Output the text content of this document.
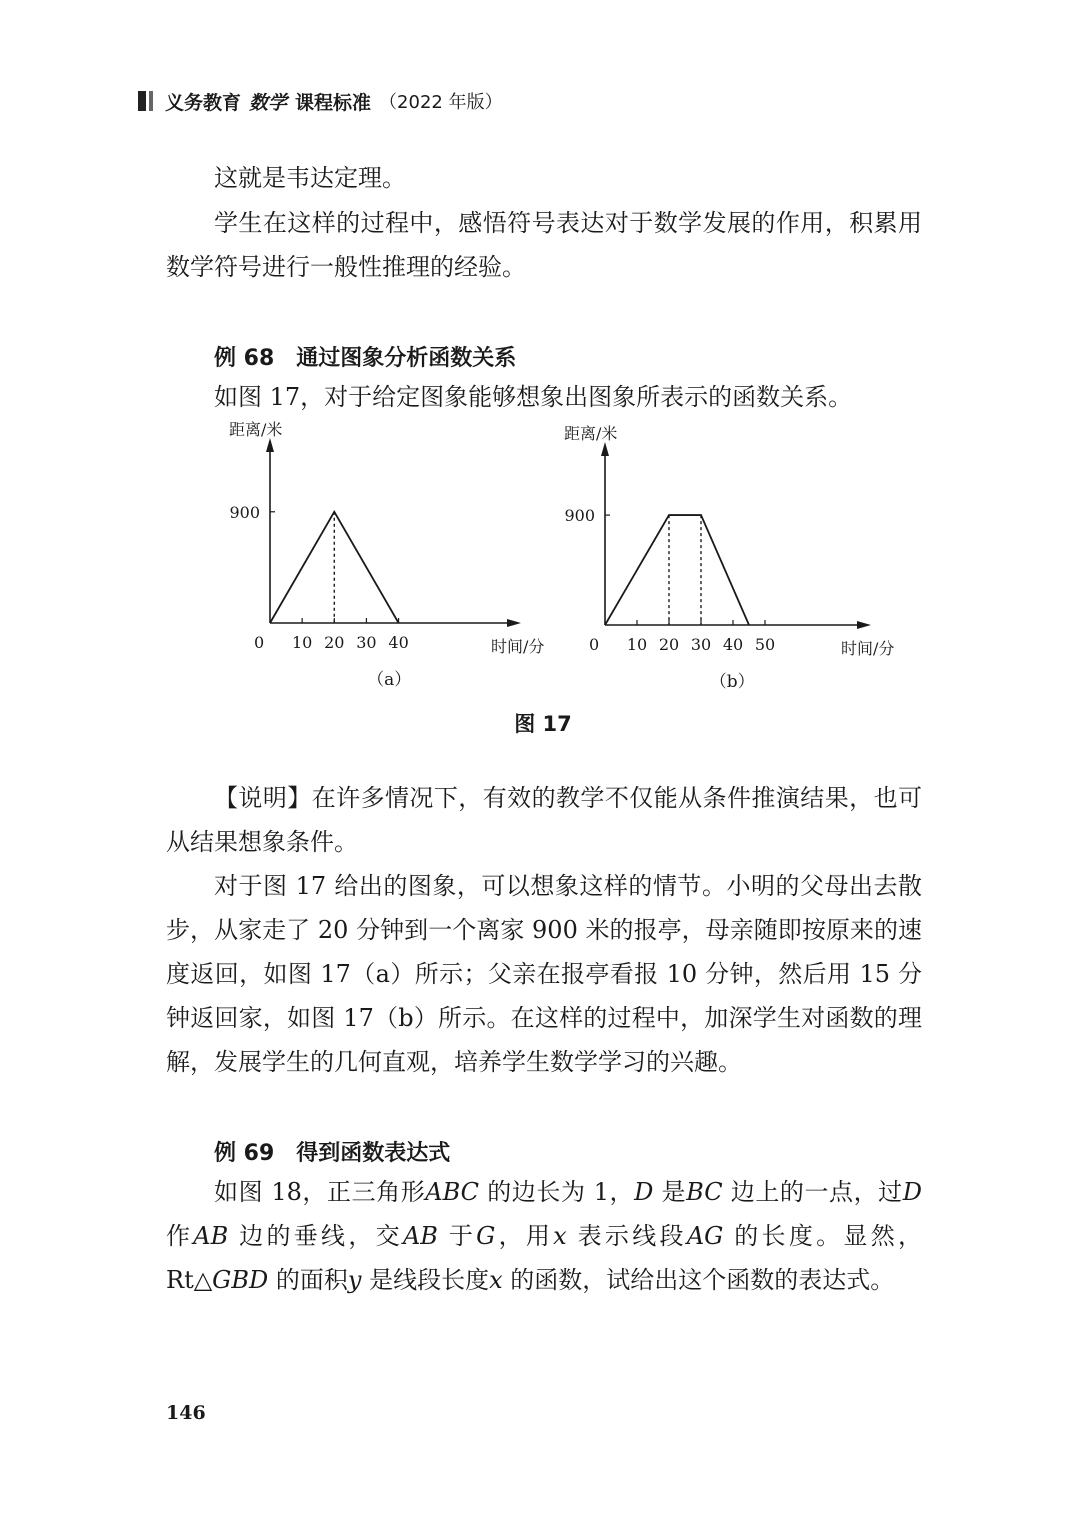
义务教育 数学 课程标准 （2022 年版）

这就是韦达定理。

学生在这样的过程中，感悟符号表达对于数学发展的作用，积累用数学符号进行一般性推理的经验。

例 68 通过图象分析函数关系

如图 17，对于给定图象能够想象出图象所表示的函数关系。

距离/米
时间/分
0 10 20 30 40
900
（a）
距离/米
时间/分
0 10 20 30 40 50
900
（b）
图 17

【说明】在许多情况下，有效的教学不仅能从条件推演结果，也可从结果想象条件。

对于图 17 给出的图象，可以想象这样的情节。小明的父母出去散步，从家走了 20 分钟到一个离家 900 米的报亭，母亲随即按原来的速度返回，如图 17（a）所示；父亲在报亭看报 10 分钟，然后用 15 分钟返回家，如图 17（b）所示。在这样的过程中，加深学生对函数的理解，发展学生的几何直观，培养学生数学学习的兴趣。

例 69 得到函数表达式

如图 18，正三角形ABC 的边长为 1，D 是BC 边上的一点，过D 作AB 边的垂线，交AB 于G，用x 表示线段AG 的长度。显然，Rt△GBD 的面积y 是线段长度x 的函数，试给出这个函数的表达式。

146
